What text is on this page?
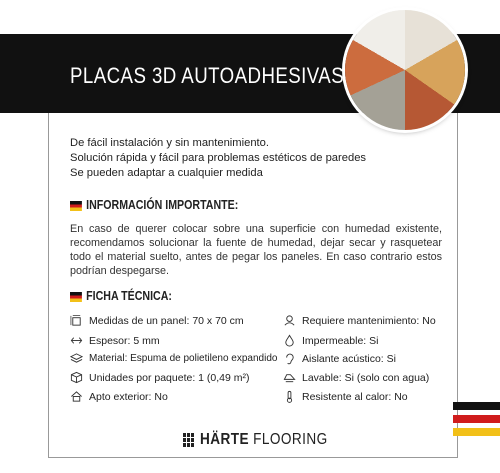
PLACAS 3D AUTOADHESIVAS
De fácil instalación y sin mantenimiento.
Solución rápida y fácil para problemas estéticos de paredes
Se pueden adaptar a cualquier medida
INFORMACIÓN IMPORTANTE:
En caso de querer colocar sobre una superficie con humedad existente, recomendamos solucionar la fuente de humedad, dejar secar y rasquetear todo el material suelto, antes de pegar los paneles. En caso contrario estos podrían despegarse.
FICHA TÉCNICA:
Medidas de un panel: 70 x 70 cm
Espesor: 5 mm
Material: Espuma de polietileno expandido
Unidades por paquete: 1 (0,49 m²)
Apto exterior: No
Requiere mantenimiento: No
Impermeable: Si
Aislante acústico: Si
Lavable: Si (solo con agua)
Resistente al calor: No
HÄRTE FLOORING
